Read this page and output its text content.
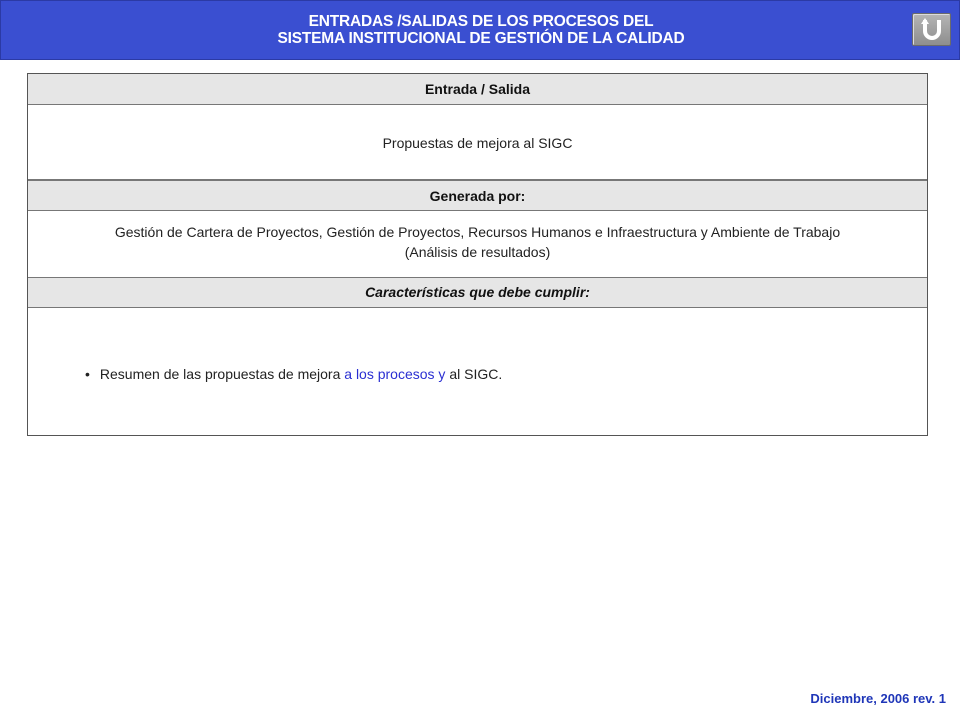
ENTRADAS /SALIDAS DE LOS PROCESOS DEL
SISTEMA INSTITUCIONAL DE GESTIÓN DE LA CALIDAD
Entrada / Salida
Propuestas de mejora al SIGC
Generada por:
Gestión de Cartera de Proyectos, Gestión de Proyectos, Recursos Humanos e Infraestructura y Ambiente de Trabajo
(Análisis de resultados)
Características que debe cumplir:
• Resumen de las propuestas de mejora a los procesos y al SIGC.
Diciembre, 2006 rev. 1
